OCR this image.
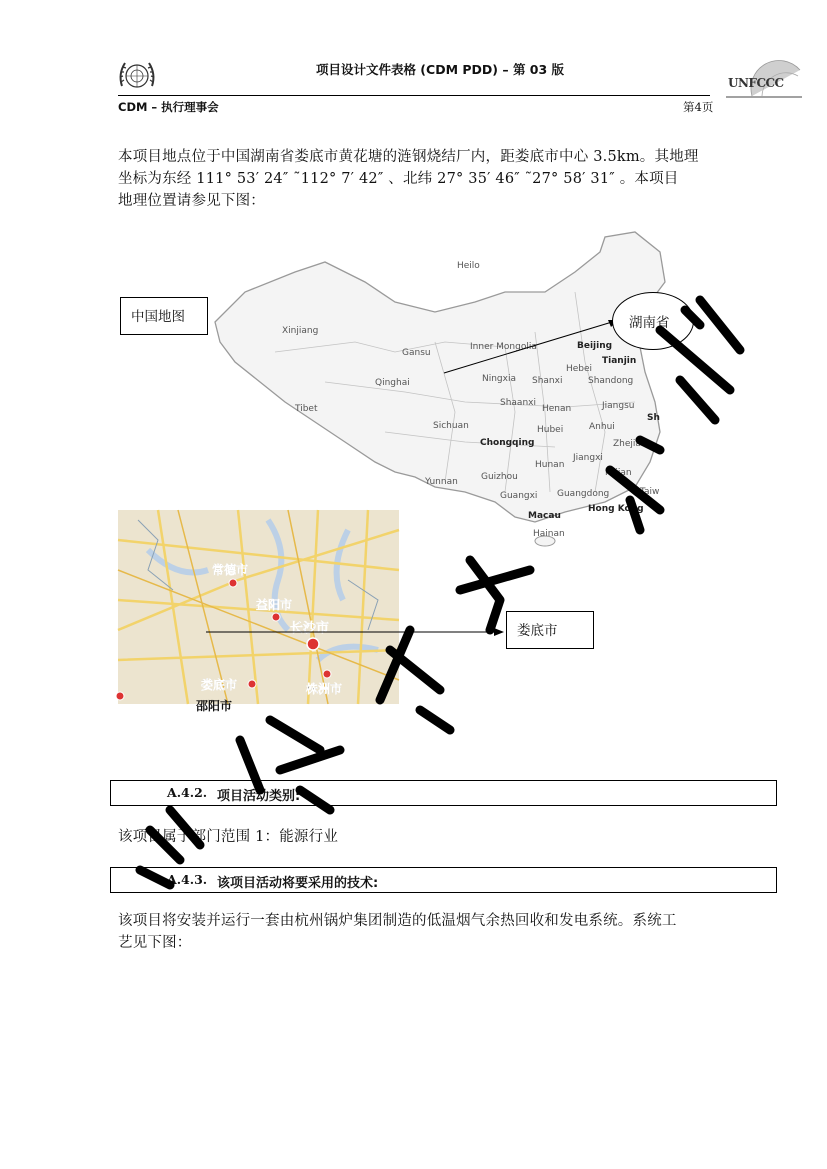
项目设计文件表格 (CDM PDD) – 第 03 版
CDM – 执行理事会	第4页
UNFCCC
本项目地点位于中国湖南省娄底市黄花塘的涟钢烧结厂内，距娄底市中心 3.5km。其地理
坐标为东经 111° 53′ 24″ ˜112° 7′ 42″ 、北纬 27° 35′ 46″ ˜27° 58′ 31″ 。本项目
地理位置请参见下图：
Heilo
Xinjiang
Gansu
Inner Mongolia	Beijing
Tianjin
Qinghai	Ningxia Shanxi
Hebei
Shandong
Tibet
Shaanxi
Henan	Jiangsu
Sichuan	Hubei	Anhui
Sh
Chongqing	Zhejiang
Hunan
Jiangxi
Yunnan	Guizhou	Fujian
Guangxi Guangdong	Taiw
Hong Kong
Macau
Hainan
中国地图	湖南省
常德市
益阳市
长沙市
娄底市	株洲市
邵阳市
娄底市
A.4.2. 项目活动类别:
该项目属于部门范围 1：能源行业
A.4.3. 该项目活动将要采用的技术:
该项目将安装并运行一套由杭州锅炉集团制造的低温烟气余热回收和发电系统。系统工
艺见下图：
